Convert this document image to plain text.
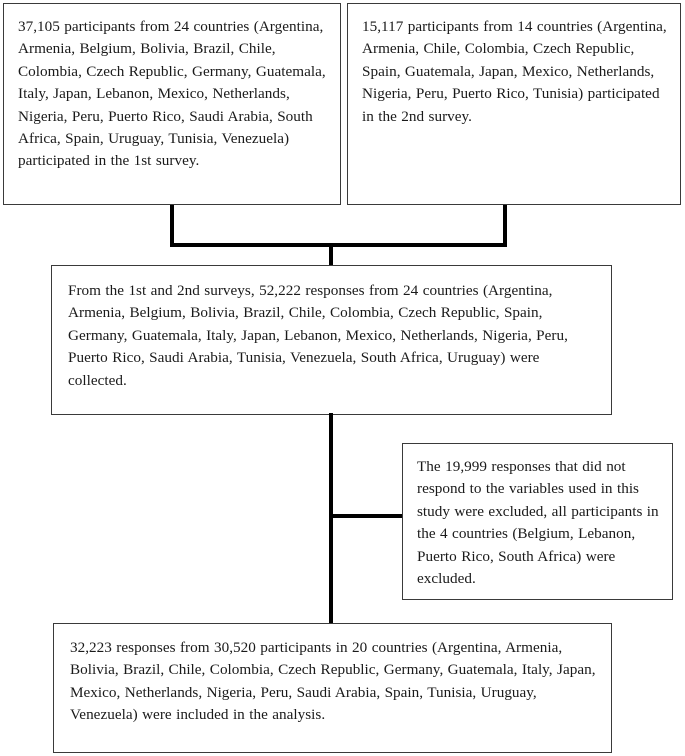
37,105 participants from 24 countries (Argentina, Armenia, Belgium, Bolivia, Brazil, Chile, Colombia, Czech Republic, Germany, Guatemala, Italy, Japan, Lebanon, Mexico, Netherlands, Nigeria, Peru, Puerto Rico, Saudi Arabia, South Africa, Spain, Uruguay, Tunisia, Venezuela) participated in the 1st survey.
15,117 participants from 14 countries (Argentina, Armenia, Chile, Colombia, Czech Republic, Spain, Guatemala, Japan, Mexico, Netherlands, Nigeria, Peru, Puerto Rico, Tunisia) participated in the 2nd survey.
From the 1st and 2nd surveys, 52,222 responses from 24 countries (Argentina, Armenia, Belgium, Bolivia, Brazil, Chile, Colombia, Czech Republic, Spain, Germany, Guatemala, Italy, Japan, Lebanon, Mexico, Netherlands, Nigeria, Peru, Puerto Rico, Saudi Arabia, Tunisia, Venezuela, South Africa, Uruguay) were collected.
The 19,999 responses that did not respond to the variables used in this study were excluded, all participants in the 4 countries (Belgium, Lebanon, Puerto Rico, South Africa) were excluded.
32,223 responses from 30,520 participants in 20 countries (Argentina, Armenia, Bolivia, Brazil, Chile, Colombia, Czech Republic, Germany, Guatemala, Italy, Japan, Mexico, Netherlands, Nigeria, Peru, Saudi Arabia, Spain, Tunisia, Uruguay, Venezuela) were included in the analysis.
